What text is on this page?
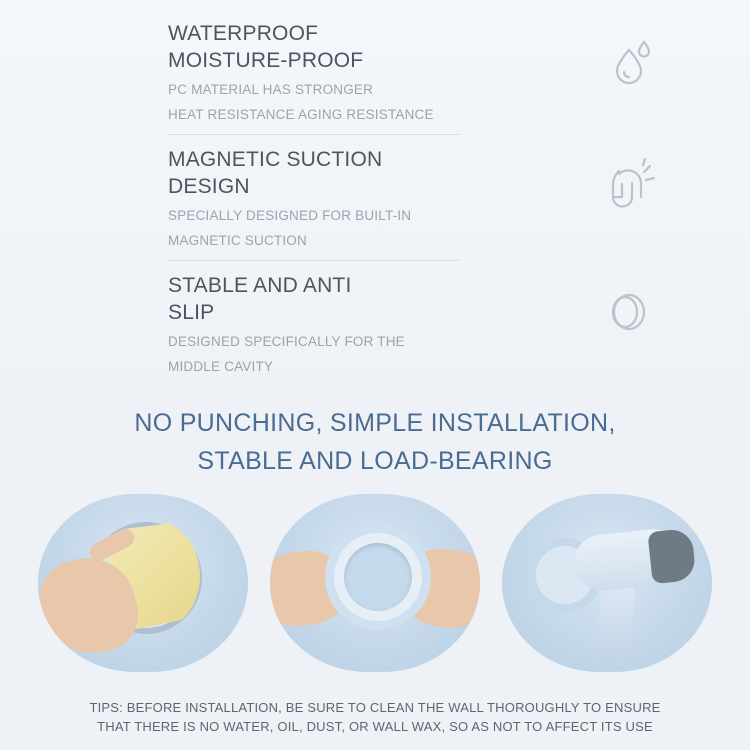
WATERPROOF
MOISTURE-PROOF
PC MATERIAL HAS STRONGER
HEAT RESISTANCE AGING RESISTANCE
MAGNETIC SUCTION
DESIGN
SPECIALLY DESIGNED FOR BUILT-IN
MAGNETIC SUCTION
STABLE AND ANTI
SLIP
DESIGNED SPECIFICALLY FOR THE
MIDDLE CAVITY
NO PUNCHING, SIMPLE INSTALLATION,
STABLE AND LOAD-BEARING
TIPS: BEFORE INSTALLATION, BE SURE TO CLEAN THE WALL THOROUGHLY TO ENSURE
THAT THERE IS NO WATER, OIL, DUST, OR WALL WAX, SO AS NOT TO AFFECT ITS USE
